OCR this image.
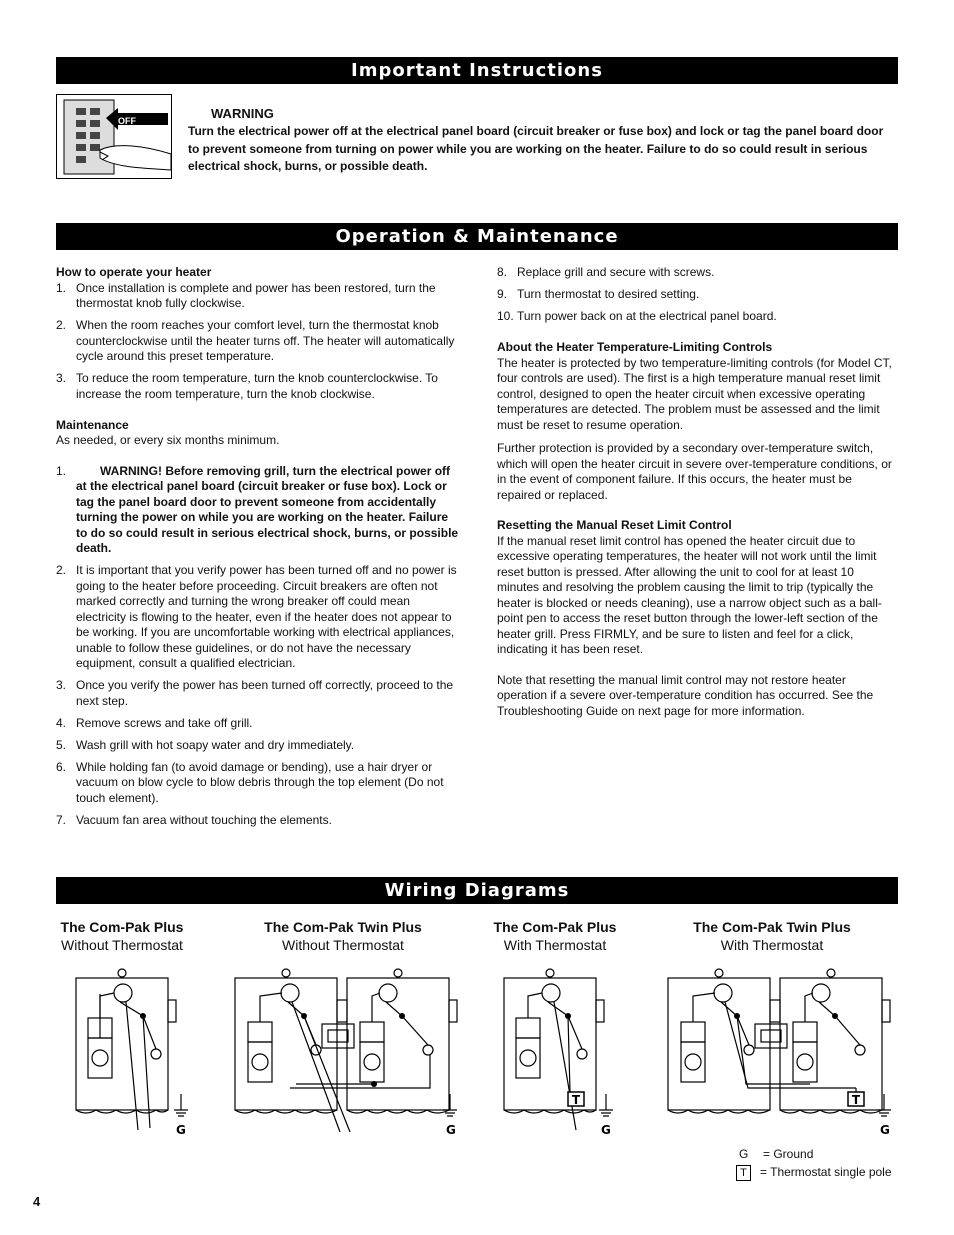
Important Instructions
OFF	WARNING
Turn the electrical power off at the electrical panel board (circuit breaker or fuse box) and lock or tag the panel board door to prevent someone from turning on power while you are working on the heater. Failure to do so could result in serious electrical shock, burns, or possible death.
Operation & Maintenance
How to operate your heater
1. Once installation is complete and power has been restored, turn the thermostat knob fully clockwise.
2. When the room reaches your comfort level, turn the thermostat knob counterclockwise until the heater turns off. The heater will automatically cycle around this preset temperature.
3. To reduce the room temperature, turn the knob counterclockwise. To increase the room temperature, turn the knob clockwise.
Maintenance

As needed, or every six months minimum.

1.	WARNING! Before removing grill, turn the electrical power off at the electrical panel board (circuit breaker or fuse box). Lock or tag the panel board door to prevent someone from accidentally turning the power on while you are working on the heater. Failure to do so could result in serious electrical shock, burns, or possible death.
2. It is important that you verify power has been turned off and no power is going to the heater before proceeding. Circuit breakers are often not marked correctly and turning the wrong breaker off could mean electricity is flowing to the heater, even if the heater does not appear to be working. If you are uncomfortable working with electrical appliances, unable to follow these guidelines, or do not have the necessary equipment, consult a qualified electrician.
3. Once you verify the power has been turned off correctly, proceed to the next step.
4. Remove screws and take off grill.
5. Wash grill with hot soapy water and dry immediately.
6. While holding fan (to avoid damage or bending), use a hair dryer or vacuum on blow cycle to blow debris through the top element (Do not touch element).
7. Vacuum fan area without touching the elements.
8. Replace grill and secure with screws.
9. Turn thermostat to desired setting.
10. Turn power back on at the electrical panel board.
About the Heater Temperature-Limiting Controls

The heater is protected by two temperature-limiting controls (for Model CT, four controls are used). The first is a high temperature manual reset limit control, designed to open the heater circuit when excessive operating temperatures are detected. The problem must be assessed and the limit must be reset to resume operation.

Further protection is provided by a secondary over-temperature switch, which will open the heater circuit in severe over-temperature conditions, or in the event of component failure. If this occurs, the heater must be repaired or replaced.

Resetting the Manual Reset Limit Control

If the manual reset limit control has opened the heater circuit due to excessive operating temperatures, the heater will not work until the limit reset button is pressed. After allowing the unit to cool for at least 10 minutes and resolving the problem causing the limit to trip (typically the heater is blocked or needs cleaning), use a narrow object such as a ball-point pen to access the reset button through the lower-left section of the heater grill. Press FIRMLY, and be sure to listen and feel for a click, indicating it has been reset.

Note that resetting the manual limit control may not restore heater operation if a severe over-temperature condition has occurred. See the Troubleshooting Guide on next page for more information.

Wiring Diagrams
The Com-Pak Plus
Without Thermostat
The Com-Pak Twin Plus
Without Thermostat
The Com-Pak Plus
With Thermostat
The Com-Pak Twin Plus
With Thermostat
G	G
T
G
T
G
G = Ground
T = Thermostat single pole
4
